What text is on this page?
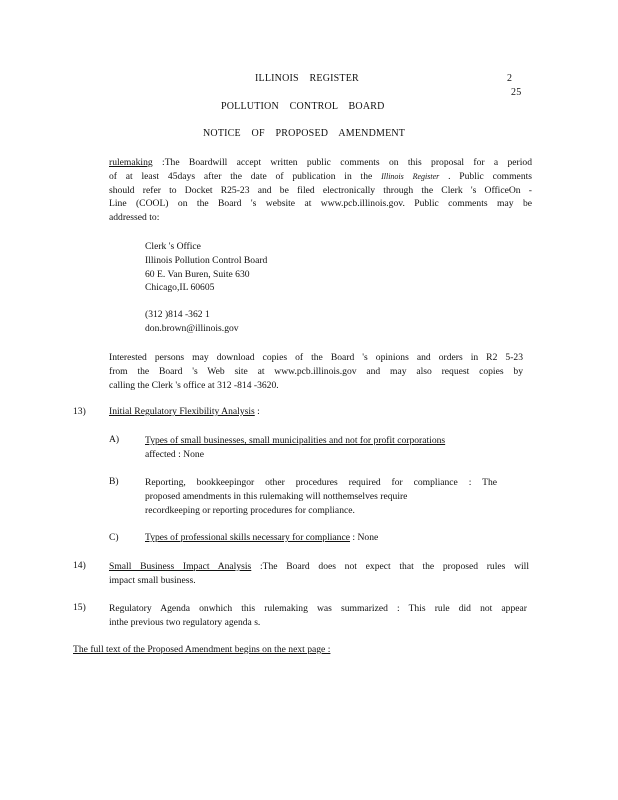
ILLINOIS REGISTER	2
25
POLLUTION CONTROL BOARD
NOTICE OF PROPOSED AMENDMENT
rulemaking :The Boardwill accept written public comments on this proposal for a period
of at least 45days after the date of publication in the Illinois Register . Public comments
should refer to Docket R25-23 and be filed electronically through the Clerk 's OfficeOn -
Line (COOL) on the Board 's website at www.pcb.illinois.gov. Public comments may be
addressed to:
Clerk 's Office
Illinois Pollution Control Board
60 E. Van Buren, Suite 630
Chicago,IL 60605
(312 )814 -362 1
don.brown@illinois.gov
Interested persons may download copies of the Board 's opinions and orders in R2 5-23
from the Board 's Web site at www.pcb.illinois.gov and may also request copies by
calling the Clerk 's office at 312 -814 -3620.
13) Initial Regulatory Flexibility Analysis :
A)	Types of small businesses, small municipalities and not for profit corporations
affected : None
B)	Reporting, bookkeepingor other procedures required for compliance : The
proposed amendments in this rulemaking will notthemselves require
recordkeeping or reporting procedures for compliance.
C)	Types of professional skills necessary for compliance : None
14) Small Business Impact Analysis :The Board does not expect that the proposed rules will
impact small business.
15) Regulatory Agenda onwhich this rulemaking was summarized : This rule did not appear
inthe previous two regulatory agenda s.
The full text of the Proposed Amendment begins on the next page :
